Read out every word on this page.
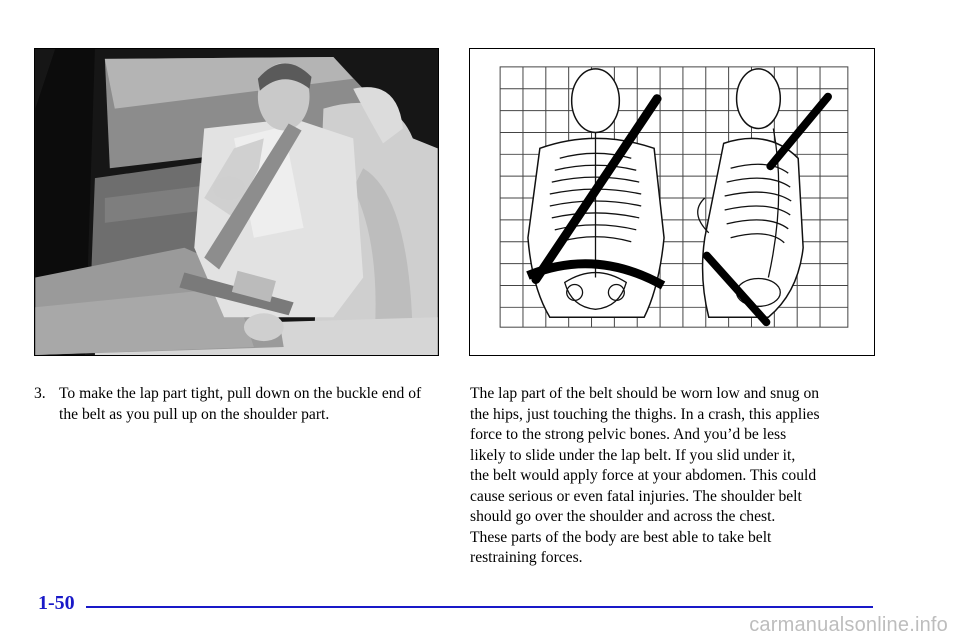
3. To make the lap part tight, pull down on the buckle end of the belt as you pull up on the shoulder part.

The lap part of the belt should be worn low and snug on

the hips, just touching the thighs. In a crash, this applies

force to the strong pelvic bones. And you’d be less

likely to slide under the lap belt. If you slid under it,

the belt would apply force at your abdomen. This could

cause serious or even fatal injuries. The shoulder belt

should go over the shoulder and across the chest.

These parts of the body are best able to take belt

restraining forces.

1-50
carmanualsonline.info
